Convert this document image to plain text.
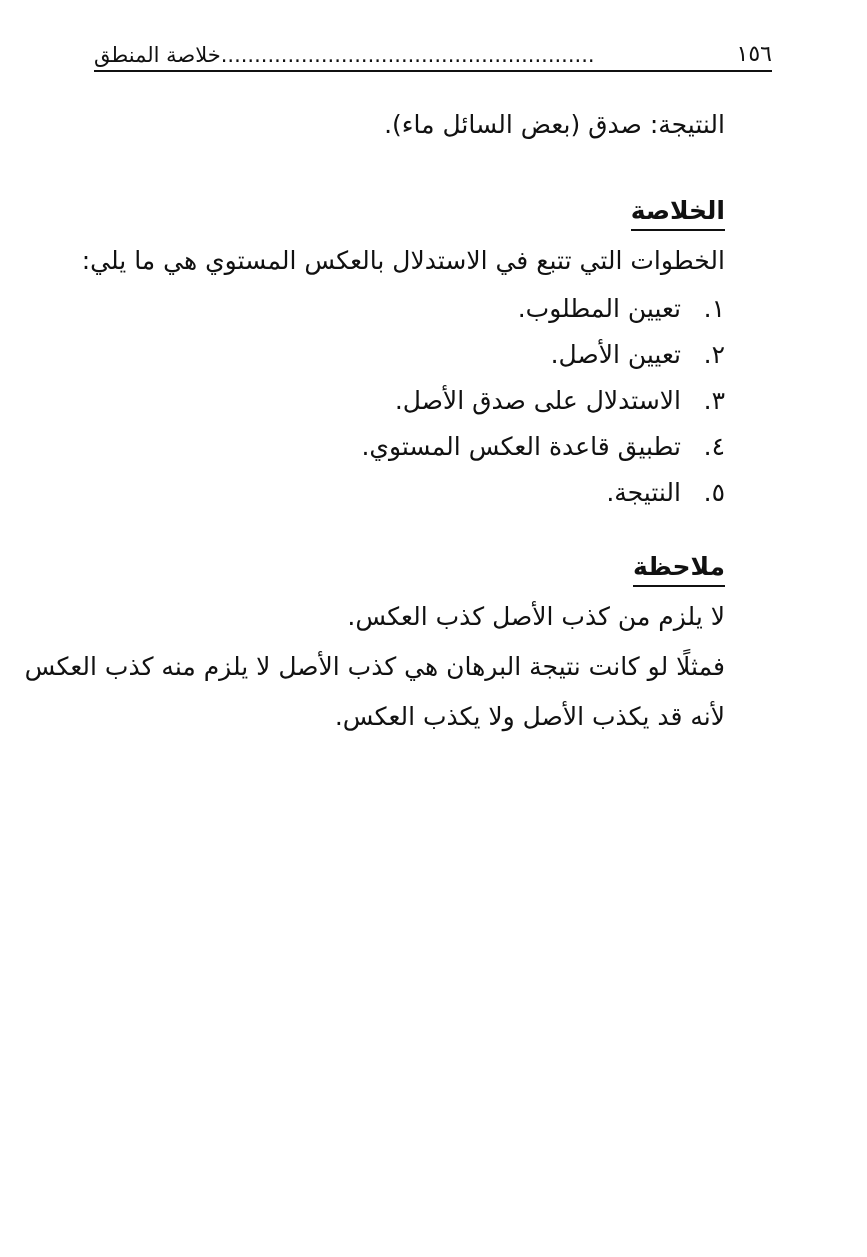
١٥٦
........................................................خلاصة المنطق
النتيجة: صدق (بعض السائل ماء).
الخلاصة
الخطوات التي تتبع في الاستدلال بالعكس المستوي هي ما يلي:
١.
تعيين المطلوب.
٢.
تعيين الأصل.
٣.
الاستدلال على صدق الأصل.
٤.
تطبيق قاعدة العكس المستوي.
٥.
النتيجة.
ملاحظة
لا يلزم من كذب الأصل كذب العكس.
فمثلًا لو كانت نتيجة البرهان هي كذب الأصل لا يلزم منه كذب العكس
لأنه قد يكذب الأصل ولا يكذب العكس.
